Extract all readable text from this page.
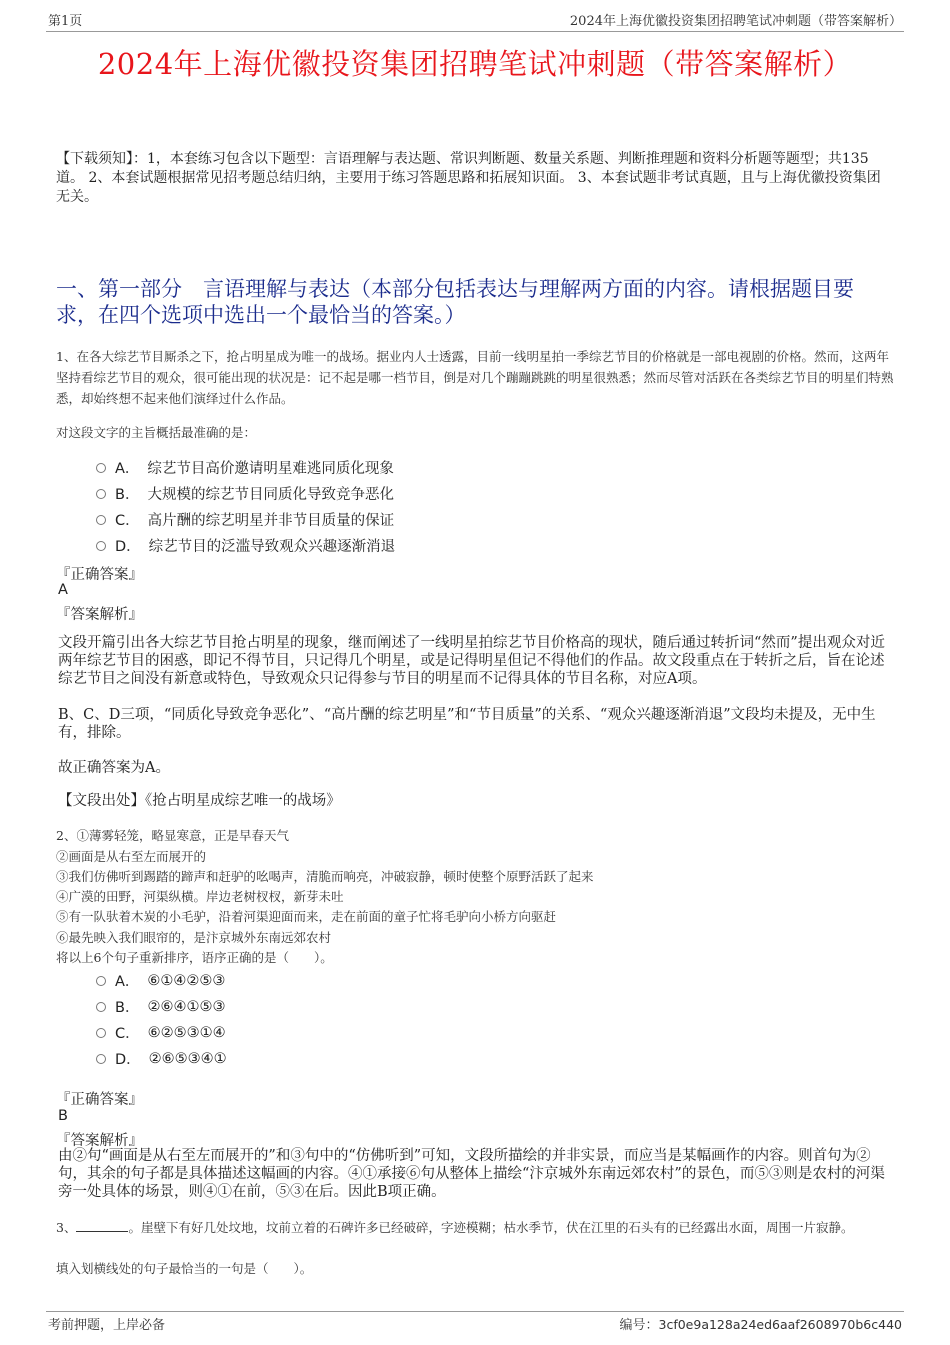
第1页	2024年上海优徽投资集团招聘笔试冲刺题（带答案解析）
2024年上海优徽投资集团招聘笔试冲刺题（带答案解析）
【下载须知】：1，本套练习包含以下题型：言语理解与表达题、常识判断题、数量关系题、判断推理题和资料分析题等题型；共135道。 2、本套试题根据常见招考题总结归纳，主要用于练习答题思路和拓展知识面。 3、本套试题非考试真题，且与上海优徽投资集团无关。
一、第一部分　言语理解与表达（本部分包括表达与理解两方面的内容。请根据题目要求，在四个选项中选出一个最恰当的答案。）
1、在各大综艺节目厮杀之下，抢占明星成为唯一的战场。据业内人士透露，目前一线明星拍一季综艺节目的价格就是一部电视剧的价格。然而，这两年坚持看综艺节目的观众，很可能出现的状况是：记不起是哪一档节目，倒是对几个蹦蹦跳跳的明星很熟悉；然而尽管对活跃在各类综艺节目的明星们特熟悉，却始终想不起来他们演绎过什么作品。
对这段文字的主旨概括最准确的是：
A． 综艺节目高价邀请明星难逃同质化现象
B． 大规模的综艺节目同质化导致竞争恶化
C． 高片酬的综艺明星并非节目质量的保证
D． 综艺节目的泛滥导致观众兴趣逐渐消退
『正确答案』
A
『答案解析』
文段开篇引出各大综艺节目抢占明星的现象，继而阐述了一线明星拍综艺节目价格高的现状，随后通过转折词“然而”提出观众对近两年综艺节目的困惑，即记不得节目，只记得几个明星，或是记得明星但记不得他们的作品。故文段重点在于转折之后，旨在论述综艺节目之间没有新意或特色，导致观众只记得参与节目的明星而不记得具体的节目名称，对应A项。
B、C、D三项，“同质化导致竞争恶化”、“高片酬的综艺明星”和“节目质量”的关系、“观众兴趣逐渐消退”文段均未提及，无中生有，排除。
故正确答案为A。
【文段出处】《抢占明星成综艺唯一的战场》
2、①薄雾轻笼，略显寒意，正是早春天气
②画面是从右至左而展开的
③我们仿佛听到踢踏的蹄声和赶驴的吆喝声，清脆而响亮，冲破寂静，顿时使整个原野活跃了起来
④广漠的田野，河渠纵横。岸边老树杈杈，新芽未吐
⑤有一队驮着木炭的小毛驴，沿着河渠迎面而来，走在前面的童子忙将毛驴向小桥方向驱赶
⑥最先映入我们眼帘的，是汴京城外东南远郊农村
将以上6个句子重新排序，语序正确的是（　　）。
A． ⑥①④②⑤③
B． ②⑥④①⑤③
C． ⑥②⑤③①④
D． ②⑥⑤③④①
『正确答案』
B
『答案解析』
由②句“画面是从右至左而展开的”和③句中的“仿佛听到”可知，文段所描绘的并非实景，而应当是某幅画作的内容。则首句为②句，其余的句子都是具体描述这幅画的内容。④①承接⑥句从整体上描绘“汴京城外东南远郊农村”的景色，而⑤③则是农村的河渠旁一处具体的场景，则④①在前，⑤③在后。因此B项正确。
3、	。崖壁下有好几处坟地，坟前立着的石碑许多已经破碎，字迹模糊；枯水季节，伏在江里的石头有的已经露出水面，周围一片寂静。
填入划横线处的句子最恰当的一句是（　　）。
考前押题，上岸必备	编号：3cf0e9a128a24ed6aaf2608970b6c440
